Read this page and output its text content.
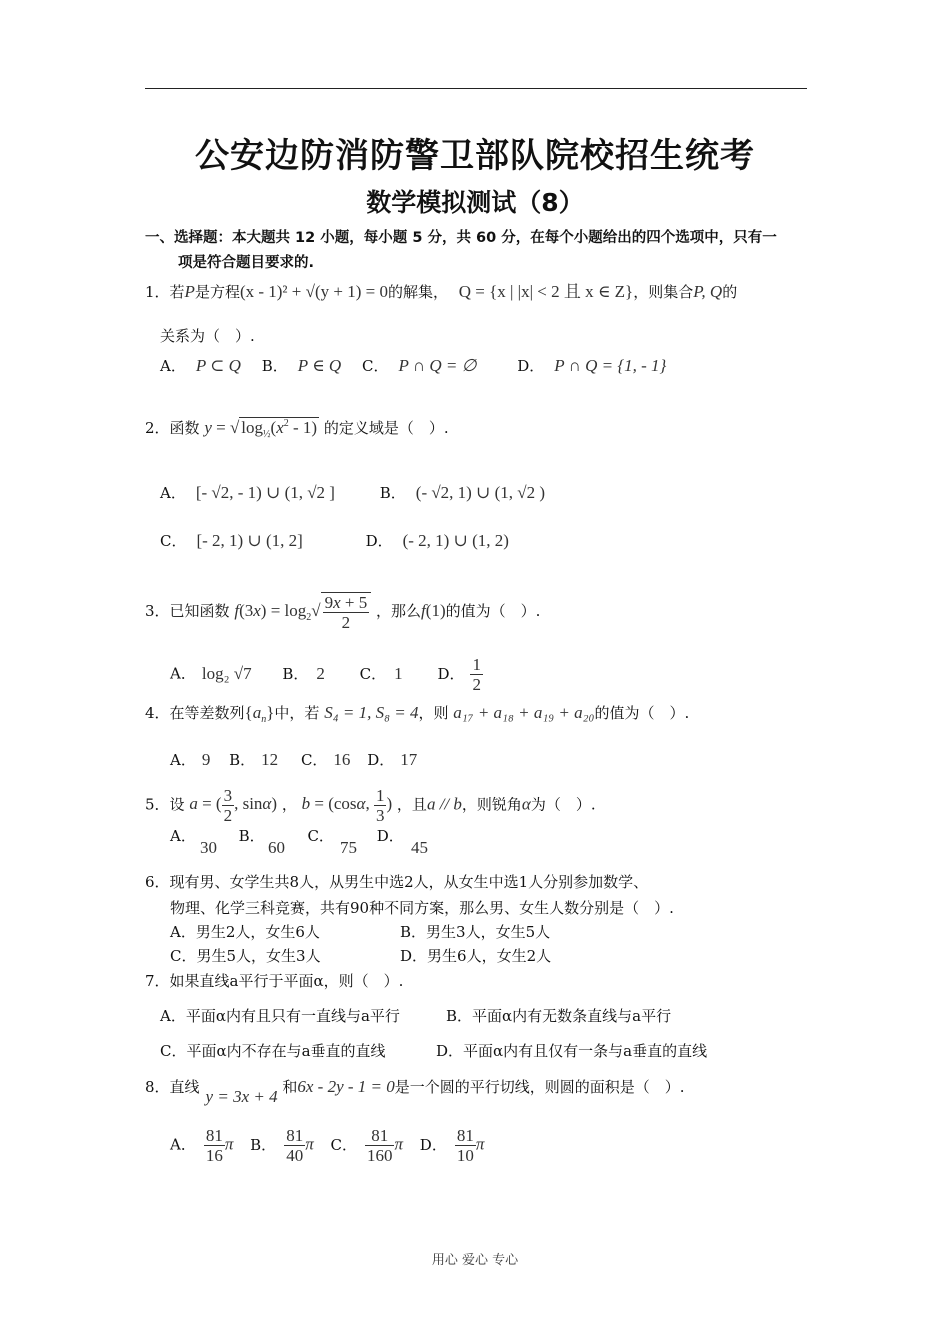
公安边防消防警卫部队院校招生统考
数学模拟测试（8）
一、选择题：本大题共 12 小题，每小题 5 分，共 60 分，在每个小题给出的四个选项中，只有一
项是符合题目要求的.
1．若P是方程(x - 1)² + √(y + 1) = 0的解集， Q = {x | |x| < 2 且 x ∈ Z}，则集合P, Q的
关系为（　）.
A． P ⊂ Q B． P ∈ Q C． P ∩ Q = ∅	D． P ∩ Q = {1, - 1}
2．函数 y = √ $\log_{\frac{1}{2}}(x^2 - 1)$ 的定义域是（　）.
A． [- √2, - 1) ∪ (1, √2 ]	B． (- √2, 1) ∪ (1, √2 )
C． [- 2, 1) ∪ (1, 2]	D． (- 2, 1) ∪ (1, 2)
3．已知函数 $f(3x) = \log_2√ \frac{9x + 5}{2}$ ，那么f(1)的值为（　）.
A． log₂ √7 B． 2 C． 1 D． $\frac{1}{2}$
4．在等差数列$\{a_n\}$中，若 S₄ = 1, S₈ = 4，则 a₁₇ + a₁₈ + a₁₉ + a₂₀的值为（　）.
A． 9 B． 12 C． 16 D． 17
5．设 a = ( $\frac{3}{2}$ , sinα) ， b = (cosα, $\frac{1}{3}$ ) ，且a // b，则锐角α为（　）.
A．	B．	C．	D．
30	60	75	45
6．现有男、女学生共8人，从男生中选2人，从女生中选1人分别参加数学、
物理、化学三科竞赛，共有90种不同方案，那么男、女生人数分别是（　）.
A．男生2人，女生6人	B．男生3人，女生5人
C．男生5人，女生3人	D．男生6人，女生2人
7．如果直线a平行于平面α，则（　）.
A．平面α内有且只有一直线与a平行	B．平面α内有无数条直线与a平行
C．平面α内不存在与a垂直的直线	D．平面α内有且仅有一条与a垂直的直线
8．直线 y = 3x + 4 和6x - 2y - 1 = 0是一个圆的平行切线，则圆的面积是（　）.
A． $\frac{81}{16}$ π B． $\frac{81}{40}$ π C． $\frac{81}{160}$ π D． $\frac{81}{10}$ π
用心 爱心 专心
